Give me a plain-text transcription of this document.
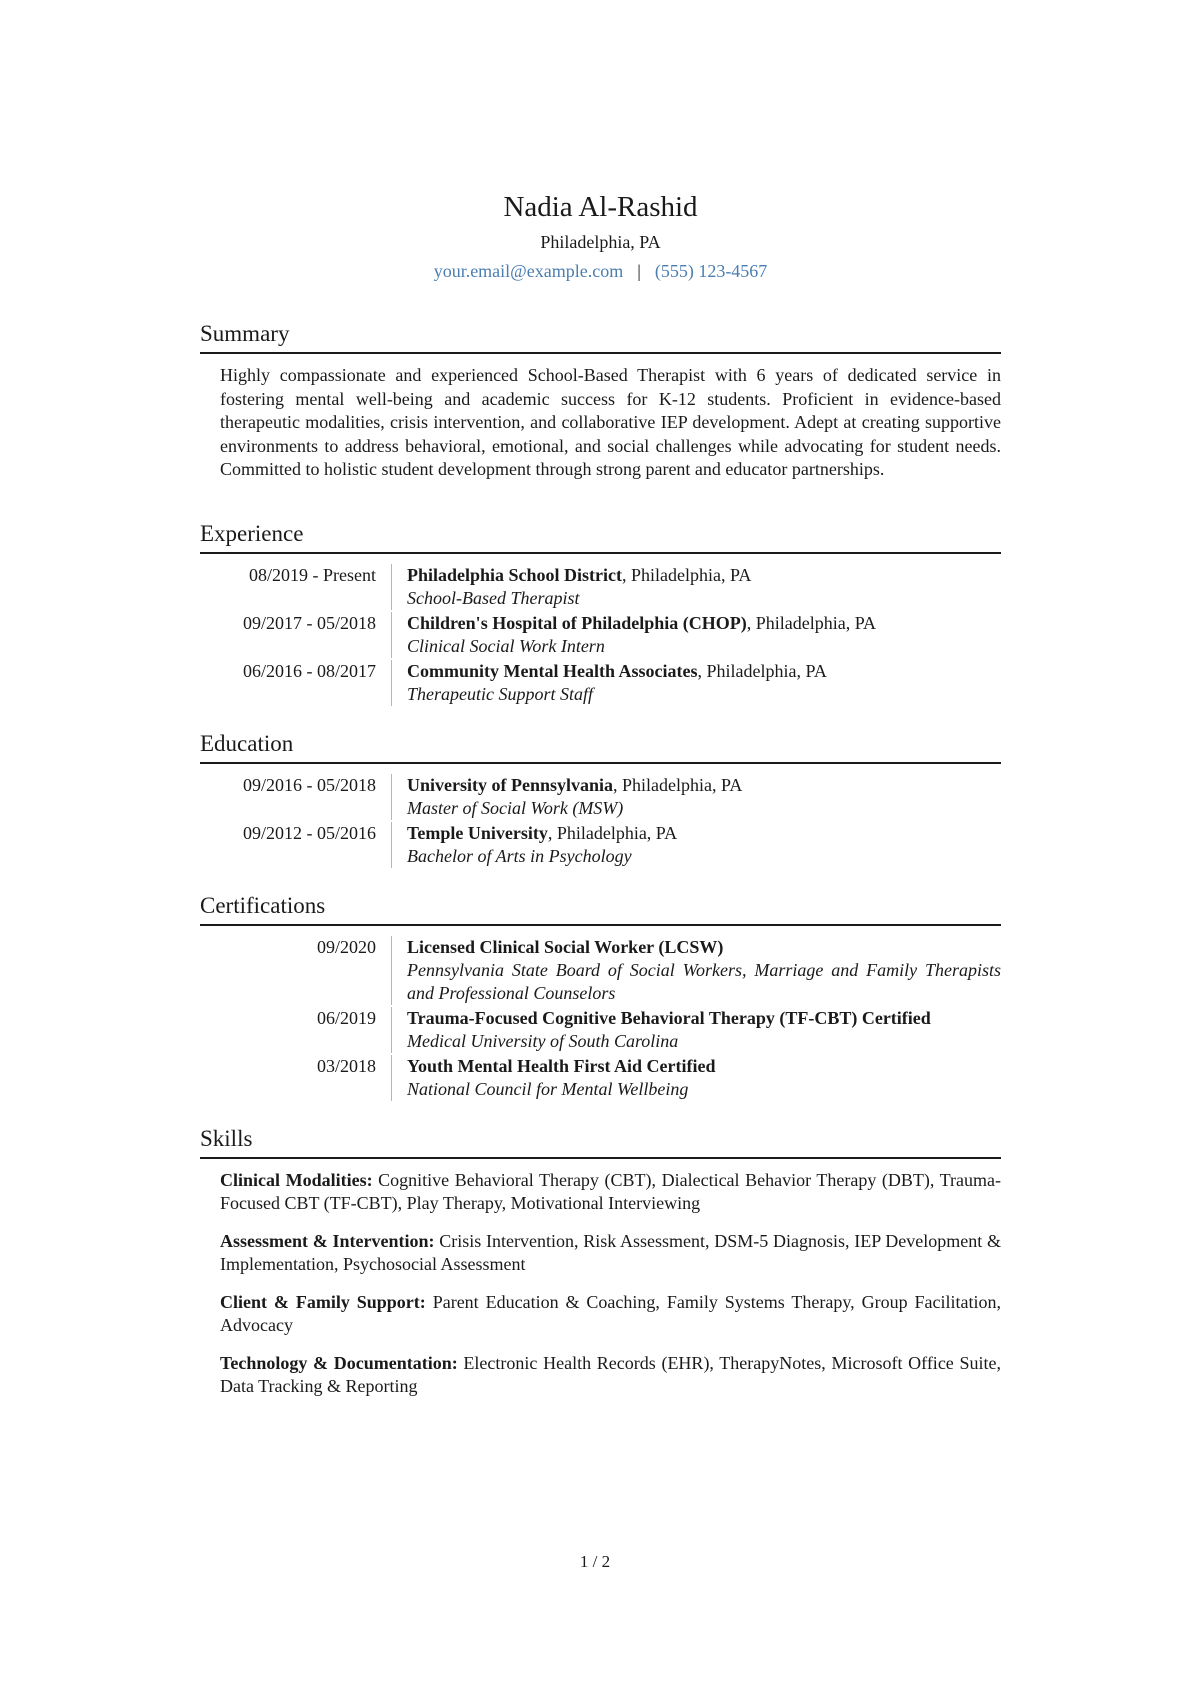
Nadia Al-Rashid
Philadelphia, PA
your.email@example.com | (555) 123-4567
Summary
Highly compassionate and experienced School-Based Therapist with 6 years of dedicated service in fostering mental well-being and academic success for K-12 students. Proficient in evidence-based therapeutic modalities, crisis intervention, and collaborative IEP development. Adept at creating supportive environments to address behavioral, emotional, and social challenges while advocating for student needs. Committed to holistic student development through strong parent and educator partnerships.
Experience
08/2019 - Present	Philadelphia School District, Philadelphia, PA
School-Based Therapist
09/2017 - 05/2018	Children's Hospital of Philadelphia (CHOP), Philadelphia, PA
Clinical Social Work Intern
06/2016 - 08/2017	Community Mental Health Associates, Philadelphia, PA
Therapeutic Support Staff
Education
09/2016 - 05/2018	University of Pennsylvania, Philadelphia, PA
Master of Social Work (MSW)
09/2012 - 05/2016	Temple University, Philadelphia, PA
Bachelor of Arts in Psychology
Certifications
09/2020	Licensed Clinical Social Worker (LCSW)
Pennsylvania State Board of Social Workers, Marriage and Family Therapists and Professional Counselors
06/2019	Trauma-Focused Cognitive Behavioral Therapy (TF-CBT) Certified
Medical University of South Carolina
03/2018	Youth Mental Health First Aid Certified
National Council for Mental Wellbeing
Skills
Clinical Modalities: Cognitive Behavioral Therapy (CBT), Dialectical Behavior Therapy (DBT), Trauma-Focused CBT (TF-CBT), Play Therapy, Motivational Interviewing
Assessment & Intervention: Crisis Intervention, Risk Assessment, DSM-5 Diagnosis, IEP Development & Implementation, Psychosocial Assessment
Client & Family Support: Parent Education & Coaching, Family Systems Therapy, Group Facilitation, Advocacy
Technology & Documentation: Electronic Health Records (EHR), TherapyNotes, Microsoft Office Suite, Data Tracking & Reporting
1 / 2
